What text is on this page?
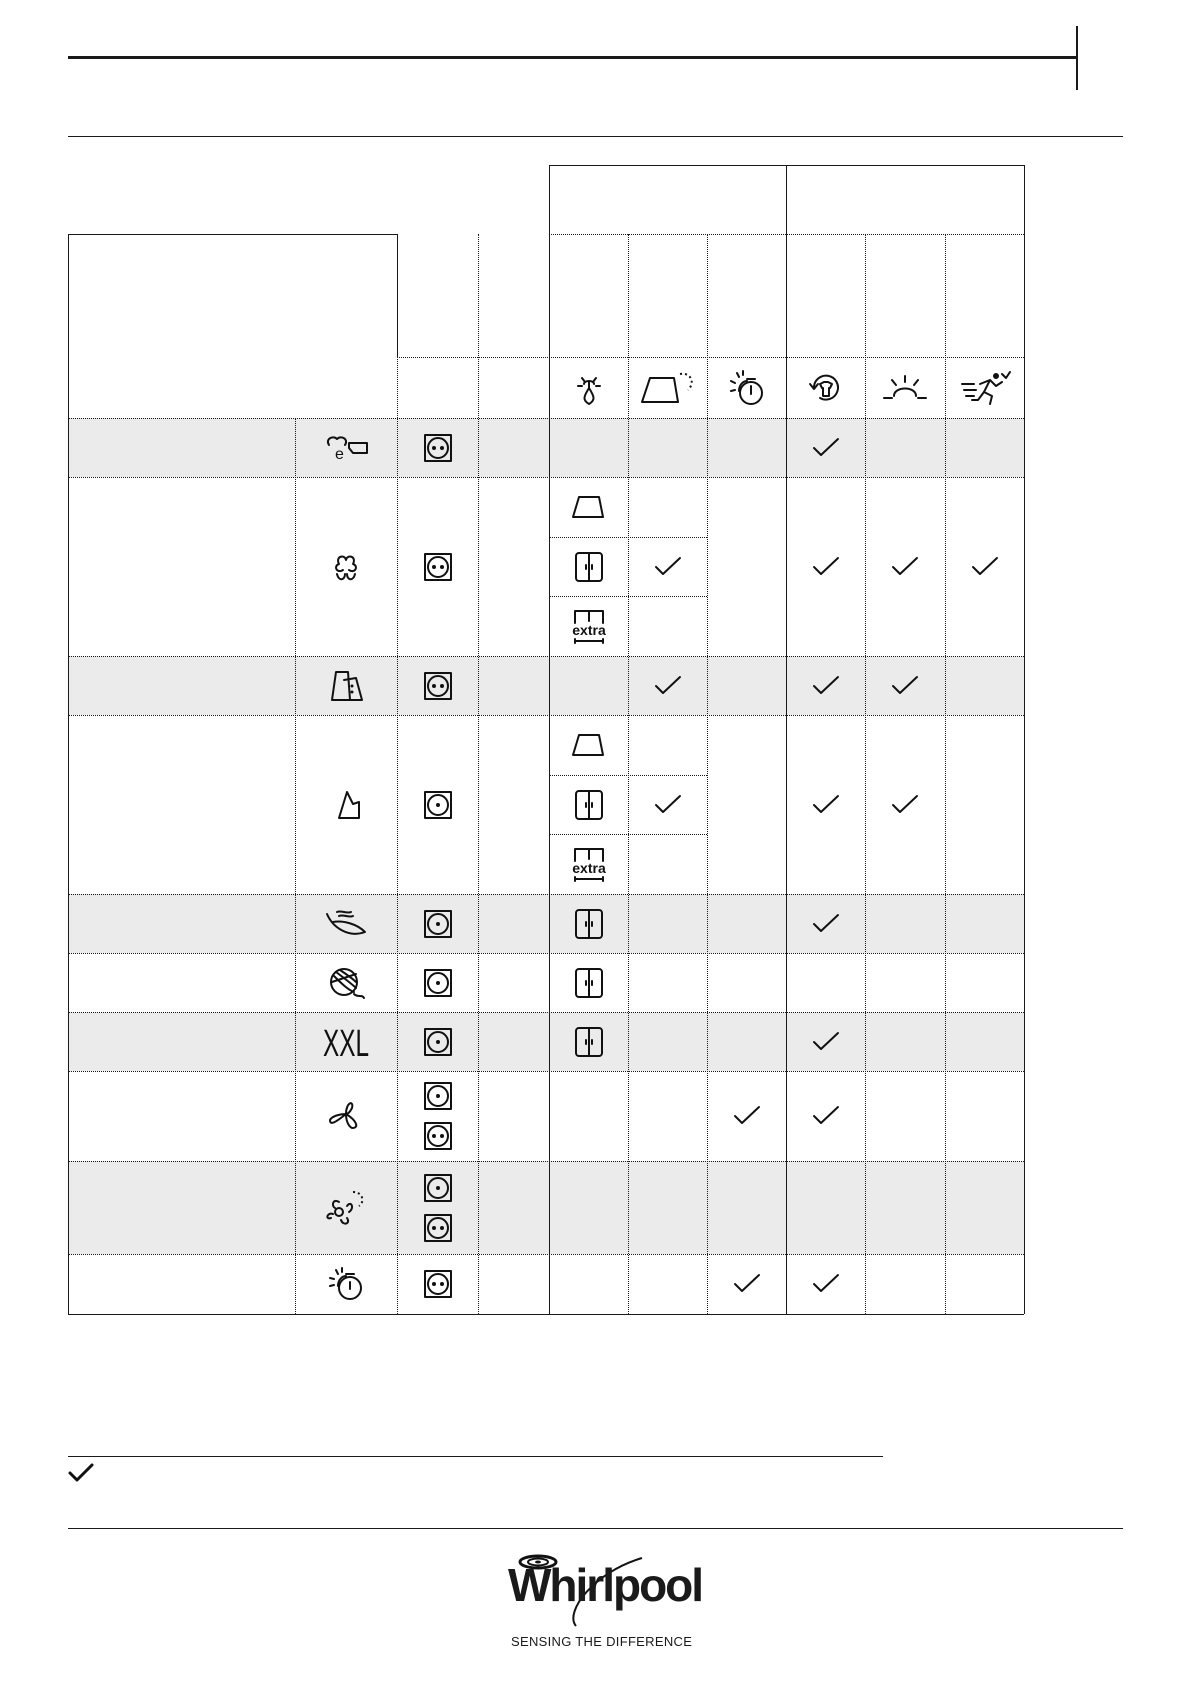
e
extra
extra
XXL
Whirlpool
SENSING THE DIFFERENCE
